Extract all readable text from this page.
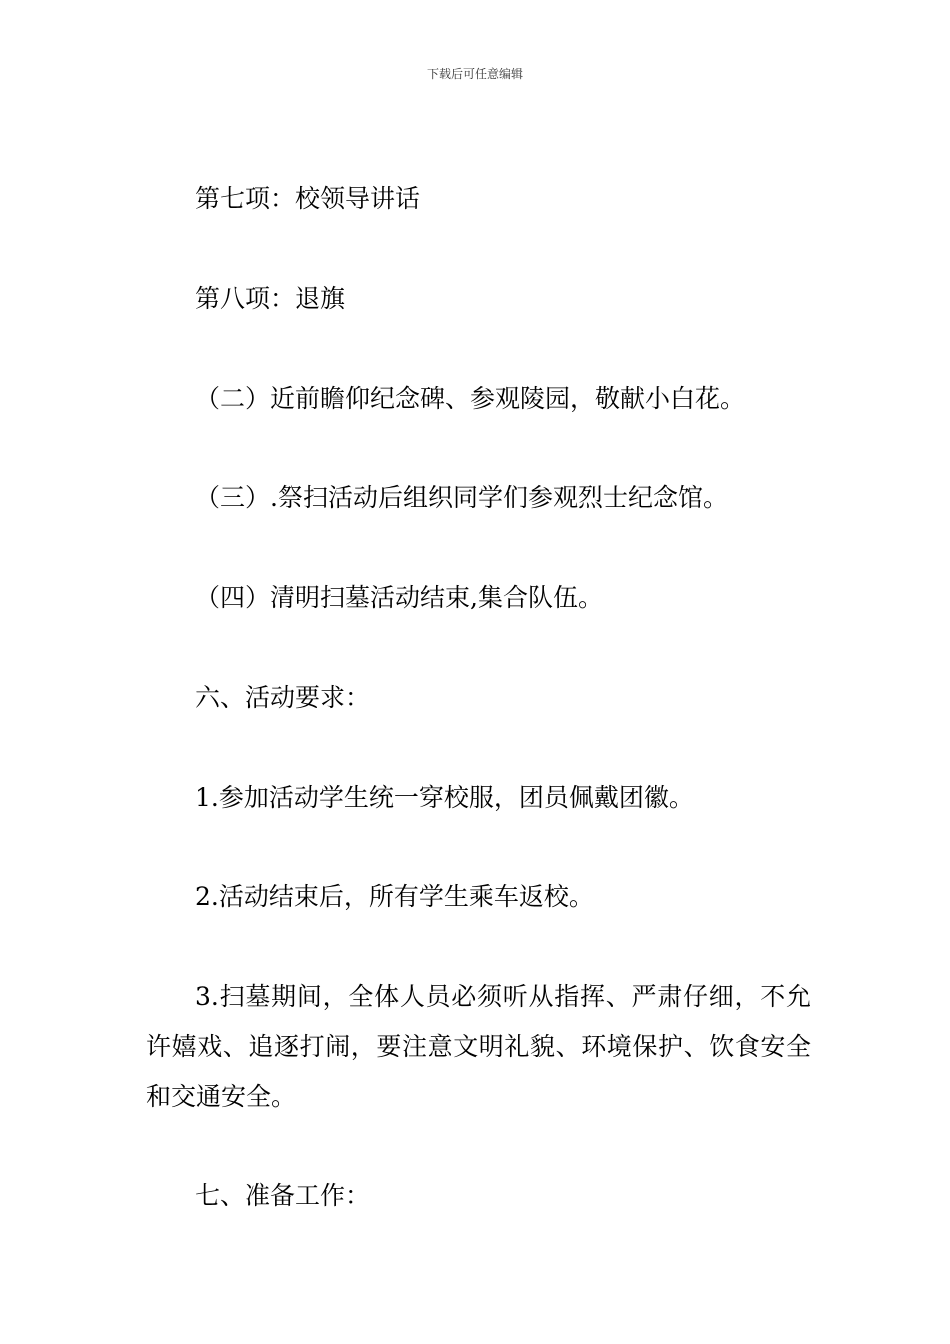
下载后可任意编辑
第七项：校领导讲话
第八项：退旗
（二）近前瞻仰纪念碑、参观陵园，敬献小白花。
（三）.祭扫活动后组织同学们参观烈士纪念馆。
（四）清明扫墓活动结束,集合队伍。
六、活动要求：
1.参加活动学生统一穿校服，团员佩戴团徽。
2.活动结束后，所有学生乘车返校。
3.扫墓期间，全体人员必须听从指挥、严肃仔细，不允许嬉戏、追逐打闹，要注意文明礼貌、环境保护、饮食安全和交通安全。
七、准备工作：
